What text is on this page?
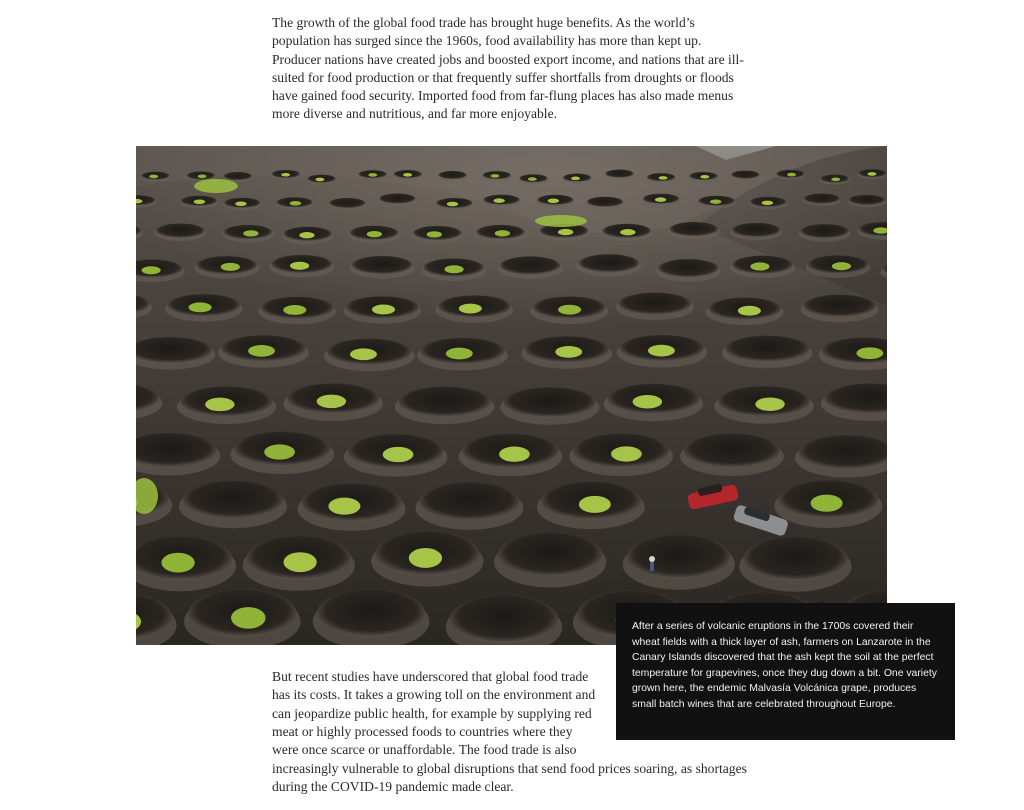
The growth of the global food trade has brought huge benefits. As the world’s population has surged since the 1960s, food availability has more than kept up. Producer nations have created jobs and boosted export income, and nations that are ill-suited for food production or that frequently suffer shortfalls from droughts or floods have gained food security. Imported food from far-flung places has also made menus more diverse and nutritious, and far more enjoyable.

After a series of volcanic eruptions in the 1700s covered their wheat fields with a thick layer of ash, farmers on Lanzarote in the Canary Islands discovered that the ash kept the soil at the perfect temperature for grapevines, once they dug down a bit. One variety grown here, the endemic Malvasía Volcánica grape, produces small batch wines that are celebrated throughout Europe.

But recent studies have underscored that global food trade has its costs. It takes a growing toll on the environment and can jeopardize public health, for example by supplying red meat or highly processed foods to countries where they were once scarce or unaffordable. The food trade is also

increasingly vulnerable to global disruptions that send food prices soaring, as shortages during the COVID-19 pandemic made clear.
